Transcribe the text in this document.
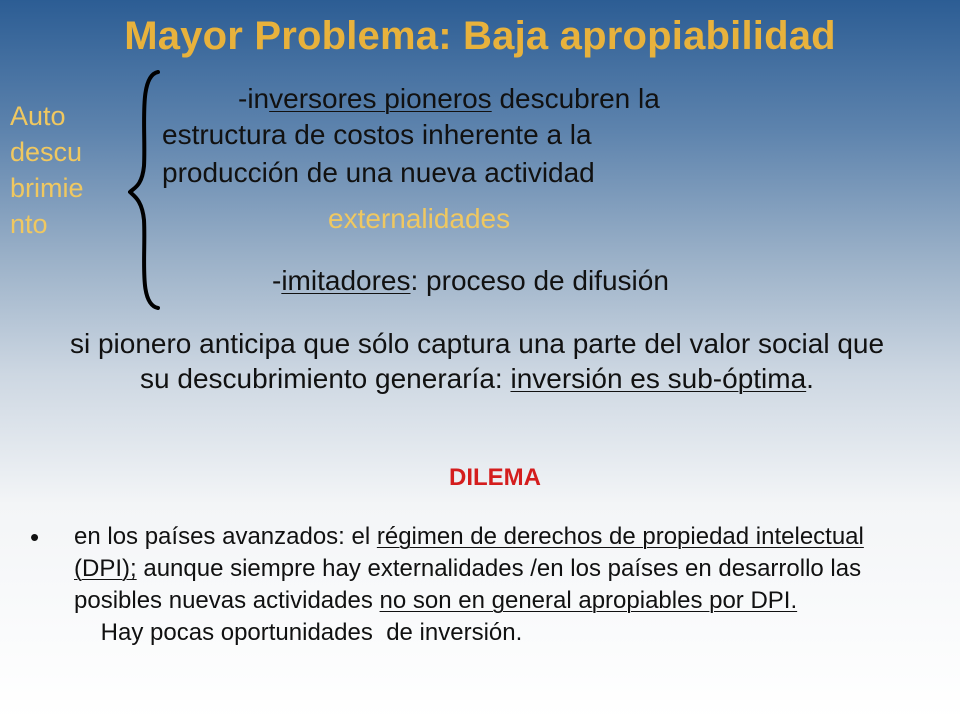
Mayor Problema: Baja apropiabilidad
Auto
descu
brimie
nto
-inversores pioneros descubren la
estructura de costos inherente a la
producción de una nueva actividad
externalidades
-imitadores: proceso de difusión
si pionero anticipa que sólo captura una parte del valor social que su descubrimiento generaría: inversión es sub-óptima.
DILEMA
• en los países avanzados: el régimen de derechos de propiedad intelectual (DPI); aunque siempre hay externalidades /en los países en desarrollo las posibles nuevas actividades no son en general apropiables por DPI.    Hay pocas oportunidades  de inversión.
